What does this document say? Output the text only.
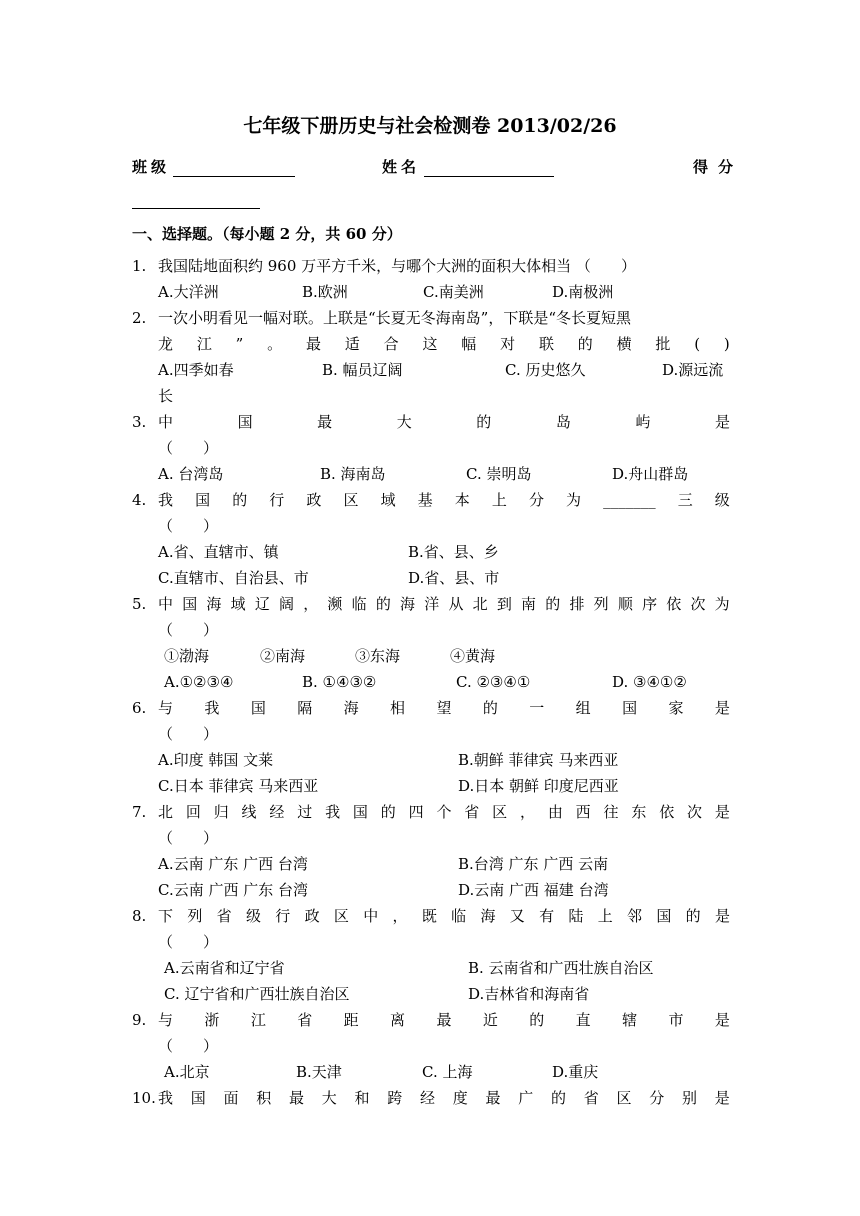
七年级下册历史与社会检测卷 2013/02/26
班级	姓名	得分
一、选择题。（每小题 2 分，共 60 分）
1. 我国陆地面积约 960 万平方千米，与哪个大洲的面积大体相当 （　　）
A.大洋洲	B.欧洲	C.南美洲	D.南极洲
2. 一次小明看见一幅对联。上联是“长夏无冬海南岛”，下联是“冬长夏短黑
龙 江 ” 。 最 适 合 这 幅 对 联 的 横 批 ( )
A.四季如春	B. 幅员辽阔	C. 历史悠久	D.源远流
长
3. 中	国	最	大	的	岛	屿	是
（　　）
A. 台湾岛	B. 海南岛	C. 崇明岛	D.舟山群岛
4. 我 国 的 行 政 区 域 基 本 上 分 为 _______ 三 级
（　　）
A.省、直辖市、镇	B.省、县、乡
C.直辖市、自治县、市	D.省、县、市
5. 中 国 海 域 辽 阔 ， 濒 临 的 海 洋 从 北 到 南 的 排 列 顺 序 依 次 为
（　　）
①渤海	②南海	③东海	④黄海
A.①②③④	B. ①④③②	C. ②③④①	D. ③④①②
6. 与 我 国 隔 海 相 望 的 一 组 国 家 是
（　　）
A.印度 韩国 文莱	B.朝鲜 菲律宾 马来西亚
C.日本 菲律宾 马来西亚	D.日本 朝鲜 印度尼西亚
7. 北 回 归 线 经 过 我 国 的 四 个 省 区 ， 由 西 往 东 依 次 是
（　　）
A.云南 广东 广西 台湾	B.台湾 广东 广西 云南
C.云南 广西 广东 台湾	D.云南 广西 福建 台湾
8. 下 列 省 级 行 政 区 中 ， 既 临 海 又 有 陆 上 邻 国 的 是
（　　）
A.云南省和辽宁省	B. 云南省和广西壮族自治区
C. 辽宁省和广西壮族自治区	D.吉林省和海南省
9. 与 浙 江 省 距 离 最 近 的 直 辖 市 是
（　　）
A.北京	B.天津	C. 上海	D.重庆
10. 我 国 面 积 最 大 和 跨 经 度 最 广 的 省 区 分 别 是
